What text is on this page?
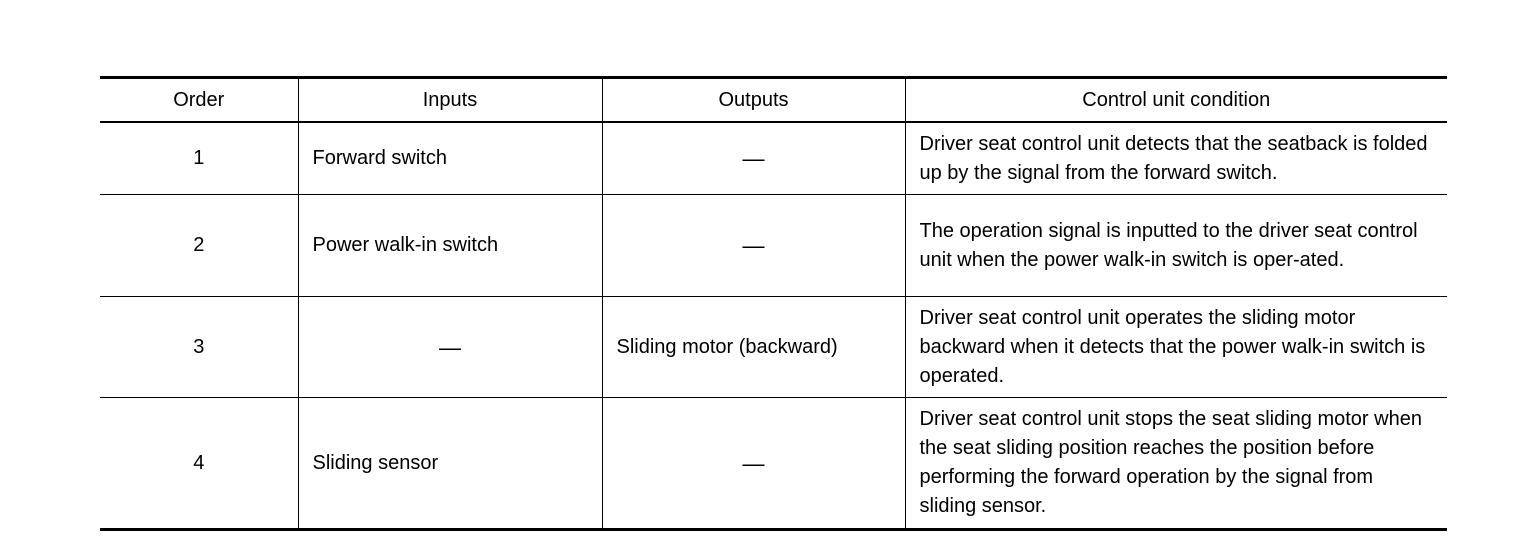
Order	Inputs	Outputs	Control unit condition
1	Forward switch	—	Driver seat control unit detects that the seatback is folded up by the signal from the forward switch.
2	Power walk-in switch	—	The operation signal is inputted to the driver seat control unit when the power walk-in switch is oper-ated.
3	—	Sliding motor (backward)	Driver seat control unit operates the sliding motor backward when it detects that the power walk-in switch is operated.
4	Sliding sensor	—	Driver seat control unit stops the seat sliding motor when the seat sliding position reaches the position before performing the forward operation by the signal from sliding sensor.
